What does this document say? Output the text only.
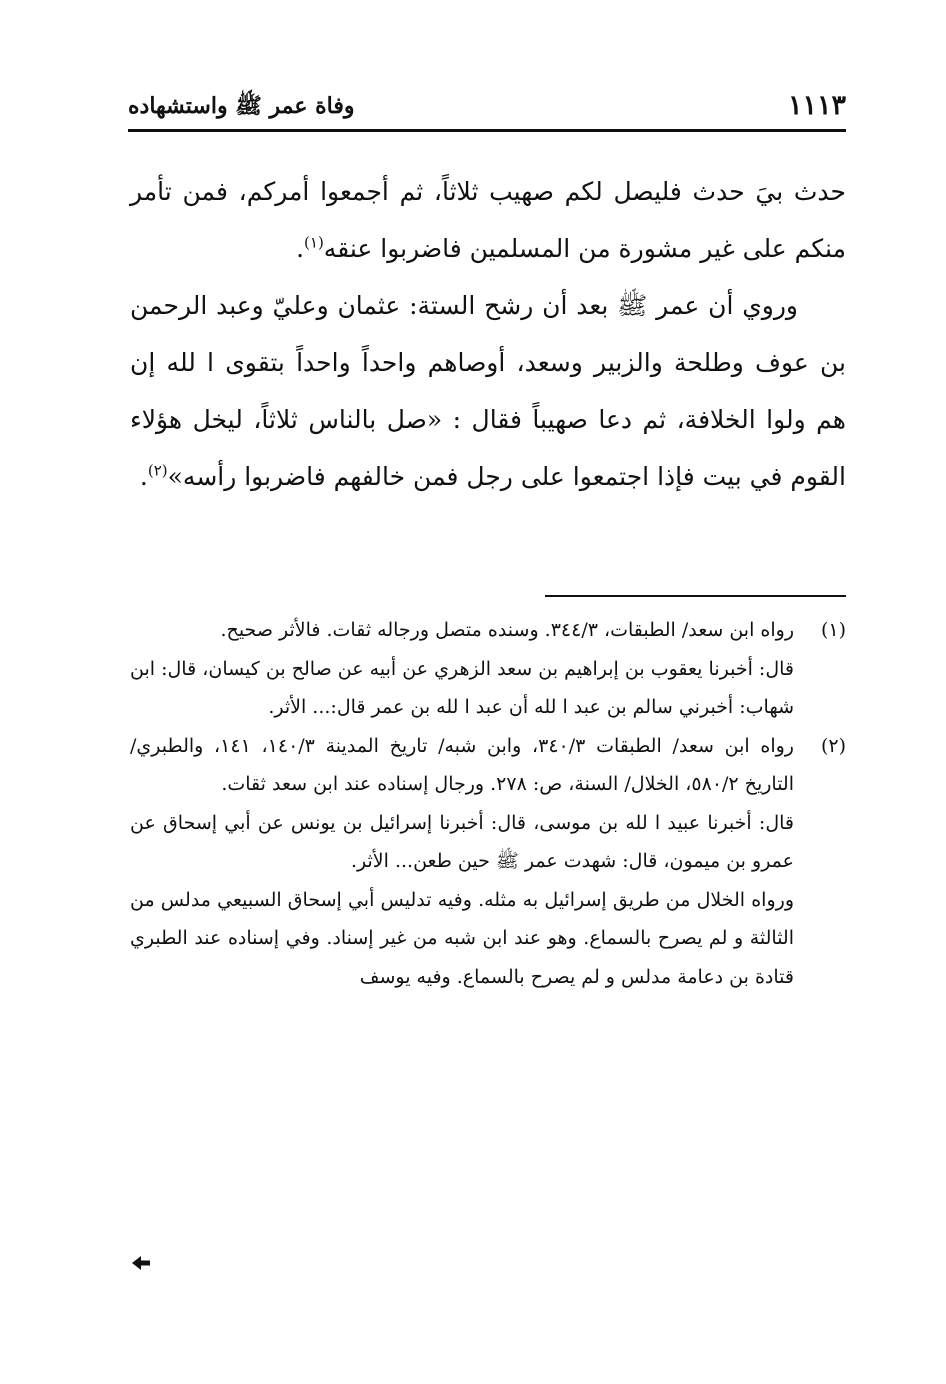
١١١٣
وفاة عمر ﷺ واستشهاده

حدث بيَ حدث فليصل لكم صهيب ثلاثاً، ثم أجمعوا أمركم، فمن تأمر منكم على غير مشورة من المسلمين فاضربوا عنقه$^{(١)}$.

وروي أن عمر ﷺ بعد أن رشح الستة: عثمان وعليّ وعبد الرحمن بن عوف وطلحة والزبير وسعد، أوصاهم واحداً واحداً بتقوى ا لله إن هم ولوا الخلافة، ثم دعا صهيباً فقال : «صل بالناس ثلاثاً، ليخل هؤلاء القوم في بيت فإذا اجتمعوا على رجل فمن خالفهم فاضربوا رأسه»$^{(٢)}$.

(١)
رواه ابن سعد/ الطبقات، ٣٤٤/٣. وسنده متصل ورجاله ثقات. فالأثر صحيح.

قال: أخبرنا يعقوب بن إبراهيم بن سعد الزهري عن أبيه عن صالح بن كيسان، قال: ابن شهاب: أخبرني سالم بن عبد ا لله أن عبد ا لله بن عمر قال:... الأثر.

(٢)
رواه ابن سعد/ الطبقات ٣٤٠/٣، وابن شبه/ تاريخ المدينة ١٤٠/٣، ١٤١، والطبري/ التاريخ ٥٨٠/٢، الخلال/ السنة، ص: ٢٧٨. ورجال إسناده عند ابن سعد ثقات.

قال: أخبرنا عبيد ا لله بن موسى، قال: أخبرنا إسرائيل بن يونس عن أبي إسحاق عن عمرو بن ميمون، قال: شهدت عمر ﷺ حين طعن... الأثر.

ورواه الخلال من طريق إسرائيل به مثله. وفيه تدليس أبي إسحاق السبيعي مدلس من الثالثة و لم يصرح بالسماع. وهو عند ابن شبه من غير إسناد. وفي إسناده عند الطبري قتادة بن دعامة مدلس و لم يصرح بالسماع. وفيه يوسف
